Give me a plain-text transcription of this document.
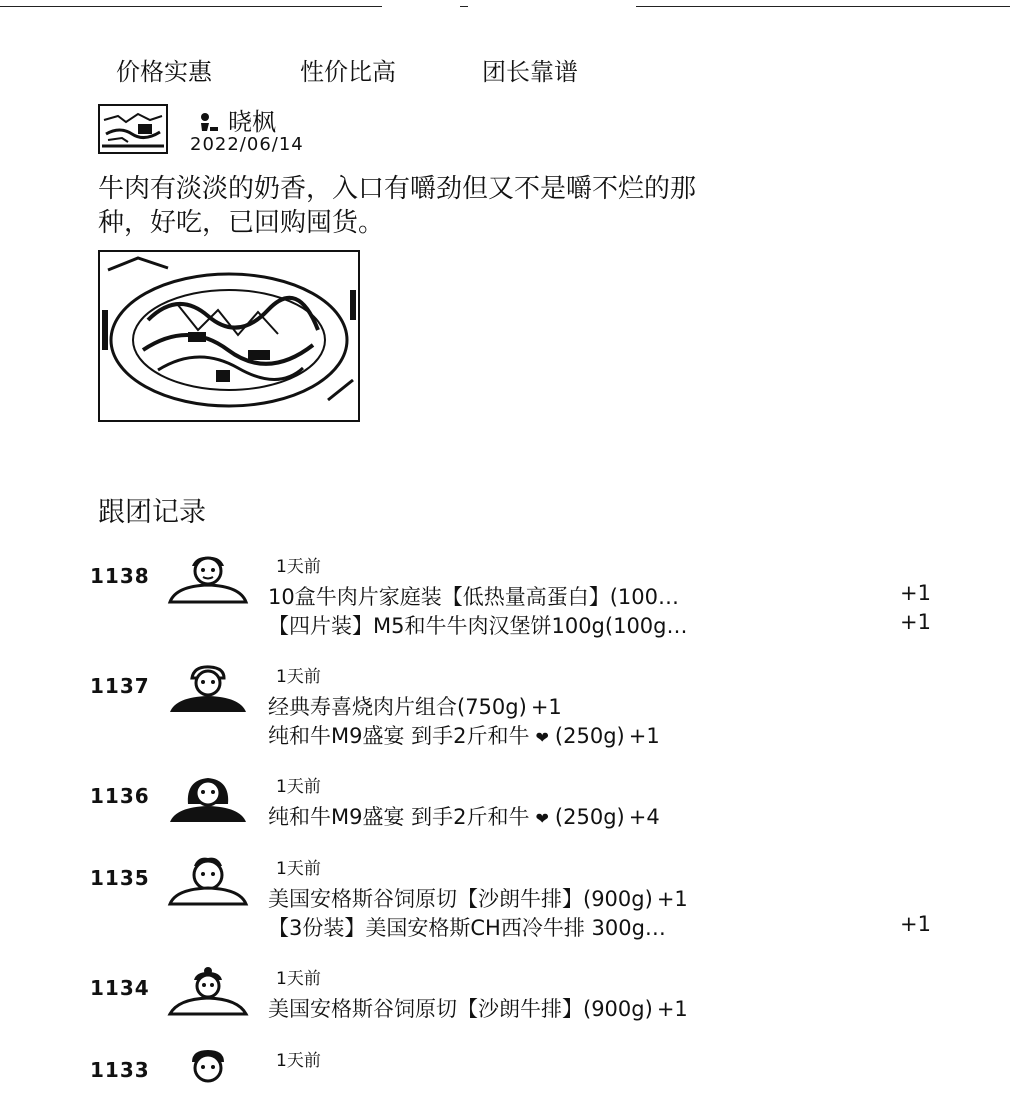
价格实惠	性价比高	团长靠谱
晓枫
2022/06/14
牛肉有淡淡的奶香，入口有嚼劲但又不是嚼不烂的那
种，好吃，已回购囤货。
跟团记录
1138	1天前
10盒牛肉片家庭装【低热量高蛋白】(100…	+1
【四片装】M5和牛牛肉汉堡饼100g(100g…	+1
1137	1天前
经典寿喜烧肉片组合(750g) +1
纯和牛M9盛宴 到手2斤和牛 ❤ (250g) +1
1136	1天前
纯和牛M9盛宴 到手2斤和牛 ❤ (250g) +4
1135	1天前
美国安格斯谷饲原切【沙朗牛排】(900g) +1
【3份装】美国安格斯CH西冷牛排 300g…	+1
1134	1天前
美国安格斯谷饲原切【沙朗牛排】(900g) +1
1133	1天前
